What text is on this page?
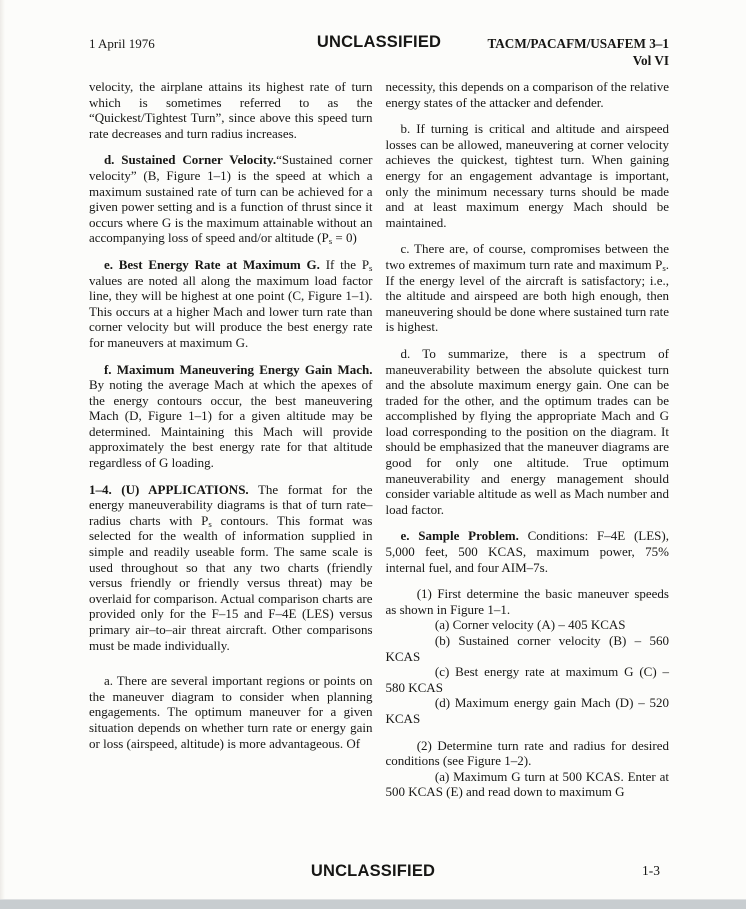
1 April 1976	UNCLASSIFIED	TACM/PACAFM/USAFEM 3–1
Vol VI

velocity, the airplane attains its highest rate of turn which is sometimes referred to as the “Quickest/Tightest Turn”, since above this speed turn rate decreases and turn radius increases.

d. Sustained Corner Velocity.“Sustained corner velocity” (B, Figure 1–1) is the speed at which a maximum sustained rate of turn can be achieved for a given power setting and is a function of thrust since it occurs where G is the maximum attainable without an accompanying loss of speed and/or altitude $(P_s = 0)$

e. Best Energy Rate at Maximum G. If the $P_s$ values are noted all along the maximum load factor line, they will be highest at one point (C, Figure 1–1). This occurs at a higher Mach and lower turn rate than corner velocity but will produce the best energy rate for maneuvers at maximum G.

f. Maximum Maneuvering Energy Gain Mach. By noting the average Mach at which the apexes of the energy contours occur, the best maneuvering Mach (D, Figure 1–1) for a given altitude may be determined. Maintaining this Mach will provide approximately the best energy rate for that altitude regardless of G loading.

1–4. (U) APPLICATIONS. The format for the energy maneuverability diagrams is that of turn rate–radius charts with $P_s$ contours. This format was selected for the wealth of information supplied in simple and readily useable form. The same scale is used throughout so that any two charts (friendly versus friendly or friendly versus threat) may be overlaid for comparison. Actual comparison charts are provided only for the F–15 and F–4E (LES) versus primary air–to–air threat aircraft. Other comparisons must be made individually.

a. There are several important regions or points on the maneuver diagram to consider when planning engagements. The optimum maneuver for a given situation depends on whether turn rate or energy gain or loss (airspeed, altitude) is more advantageous. Of

necessity, this depends on a comparison of the relative energy states of the attacker and defender.

b. If turning is critical and altitude and airspeed losses can be allowed, maneuvering at corner velocity achieves the quickest, tightest turn. When gaining energy for an engagement advantage is important, only the minimum necessary turns should be made and at least maximum energy Mach should be maintained.

c. There are, of course, compromises between the two extremes of maximum turn rate and maximum $P_s$. If the energy level of the aircraft is satisfactory; i.e., the altitude and airspeed are both high enough, then maneuvering should be done where sustained turn rate is highest.

d. To summarize, there is a spectrum of maneuverability between the absolute quickest turn and the absolute maximum energy gain. One can be traded for the other, and the optimum trades can be accomplished by flying the appropriate Mach and G load corresponding to the position on the diagram. It should be emphasized that the maneuver diagrams are good for only one altitude. True optimum maneuverability and energy management should consider variable altitude as well as Mach number and load factor.

e. Sample Problem. Conditions: F–4E (LES), 5,000 feet, 500 KCAS, maximum power, 75% internal fuel, and four AIM–7s.

(1) First determine the basic maneuver speeds as shown in Figure 1–1.

(a) Corner velocity (A) – 405 KCAS

(b) Sustained corner velocity (B) – 560 KCAS

(c) Best energy rate at maximum G (C) – 580 KCAS

(d) Maximum energy gain Mach (D) – 520 KCAS

(2) Determine turn rate and radius for desired conditions (see Figure 1–2).

(a) Maximum G turn at 500 KCAS. Enter at 500 KCAS (E) and read down to maximum G

UNCLASSIFIED	1-3
